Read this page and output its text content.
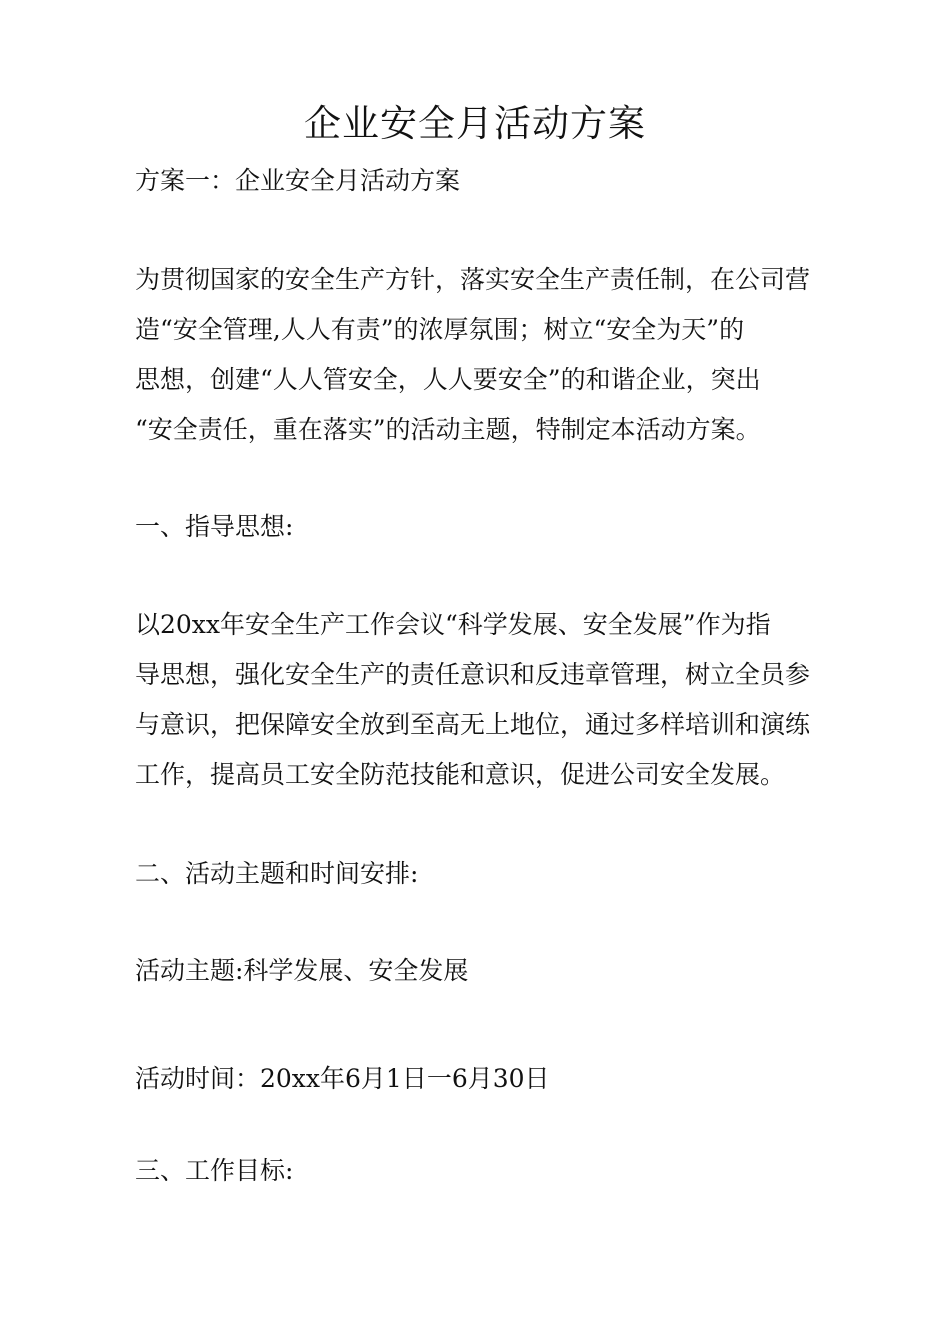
企业安全月活动方案

方案一：企业安全月活动方案

为贯彻国家的安全生产方针，落实安全生产责任制，在公司营
造“安全管理,人人有责”的浓厚氛围；树立“安全为天”的
思想，创建“人人管安全，人人要安全”的和谐企业，突出
“安全责任，重在落实”的活动主题，特制定本活动方案。

一、指导思想:

以20xx年安全生产工作会议“科学发展、安全发展”作为指
导思想，强化安全生产的责任意识和反违章管理，树立全员参
与意识，把保障安全放到至高无上地位，通过多样培训和演练
工作，提高员工安全防范技能和意识，促进公司安全发展。

二、活动主题和时间安排:

活动主题:科学发展、安全发展

活动时间：20xx年6月1日一6月30日

三、工作目标:
